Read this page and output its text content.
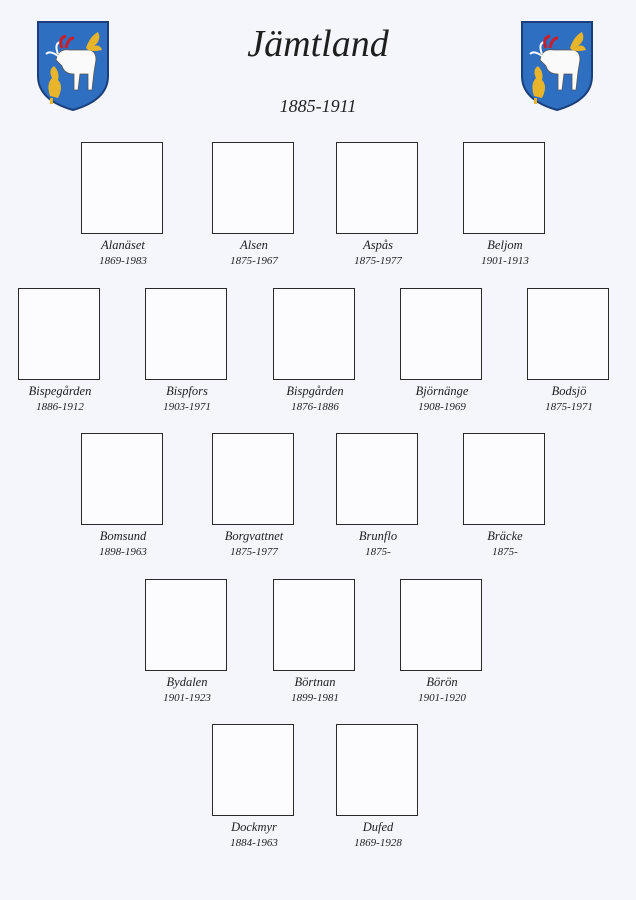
Jämtland
1885-1911
Alanäset
1869-1983
Alsen
1875-1967
Aspås
1875-1977
Beljom
1901-1913
Bispegården
1886-1912
Bispfors
1903-1971
Bispgården
1876-1886
Björnänge
1908-1969
Bodsjö
1875-1971
Bomsund
1898-1963
Borgvattnet
1875-1977
Brunflo
1875-
Bräcke
1875-
Bydalen
1901-1923
Börtnan
1899-1981
Börön
1901-1920
Dockmyr
1884-1963
Dufed
1869-1928
